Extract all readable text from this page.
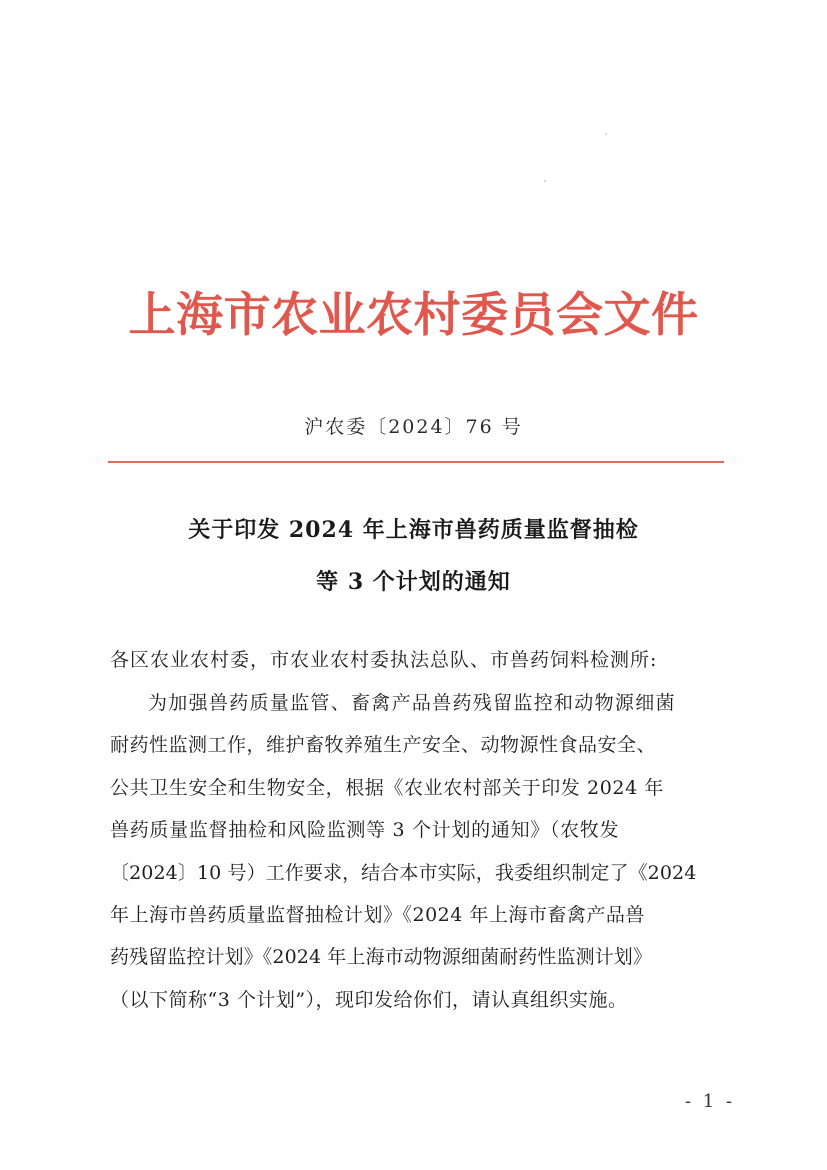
上海市农业农村委员会文件
沪农委〔2024〕76 号
关于印发 2024 年上海市兽药质量监督抽检
等 3 个计划的通知
各区农业农村委，市农业农村委执法总队、市兽药饲料检测所:
为加强兽药质量监管、畜禽产品兽药残留监控和动物源细菌
耐药性监测工作，维护畜牧养殖生产安全、动物源性食品安全、
公共卫生安全和生物安全，根据《农业农村部关于印发 2024 年
兽药质量监督抽检和风险监测等 3 个计划的通知》（农牧发
〔2024〕10 号）工作要求，结合本市实际，我委组织制定了《2024
年上海市兽药质量监督抽检计划》《2024 年上海市畜禽产品兽
药残留监控计划》《2024 年上海市动物源细菌耐药性监测计划》
（以下简称“3 个计划”），现印发给你们，请认真组织实施。
- 1 -
